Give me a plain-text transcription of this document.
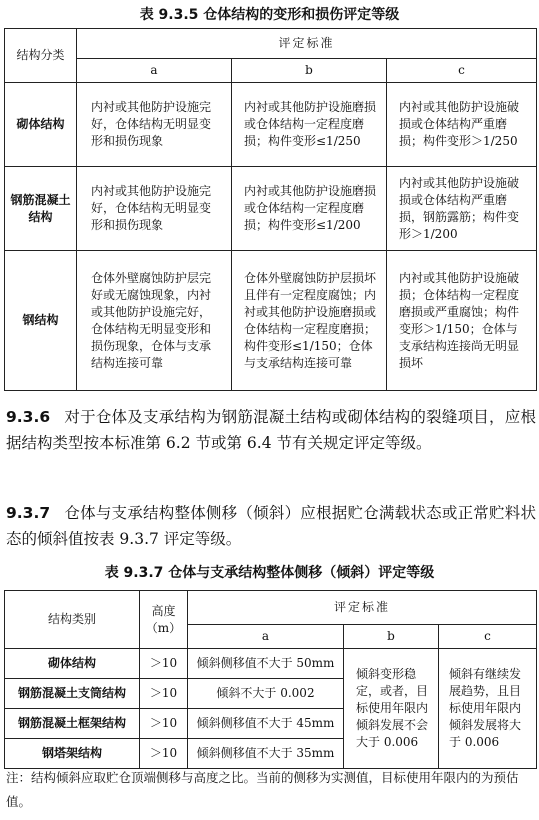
表 9.3.5 仓体结构的变形和损伤评定等级
结构分类	评定标准		
	a	b	c
砌体结构	内衬或其他防护设施完好，仓体结构无明显变形和损伤现象	内衬或其他防护设施磨损或仓体结构一定程度磨损；构件变形≤1/250	内衬或其他防护设施破损或仓体结构严重磨损；构件变形＞1/250
钢筋混凝土结构	内衬或其他防护设施完好，仓体结构无明显变形和损伤现象	内衬或其他防护设施磨损或仓体结构一定程度磨损；构件变形≤1/200	内衬或其他防护设施破损或仓体结构严重磨损，钢筋露筋；构件变形＞1/200
钢结构	仓体外壁腐蚀防护层完好或无腐蚀现象，内衬或其他防护设施完好，仓体结构无明显变形和损伤现象，仓体与支承结构连接可靠	仓体外壁腐蚀防护层损坏且伴有一定程度腐蚀；内衬或其他防护设施磨损或仓体结构一定程度磨损；构件变形≤1/150；仓体与支承结构连接可靠	内衬或其他防护设施破损；仓体结构一定程度磨损或严重腐蚀；构件变形＞1/150；仓体与支承结构连接尚无明显损坏
9.3.6 对于仓体及支承结构为钢筋混凝土结构或砌体结构的裂缝项目，应根据结构类型按本标准第 6.2 节或第 6.4 节有关规定评定等级。
9.3.7 仓体与支承结构整体侧移（倾斜）应根据贮仓满载状态或正常贮料状态的倾斜值按表 9.3.7 评定等级。
表 9.3.7 仓体与支承结构整体侧移（倾斜）评定等级
结构类别	高度（m）	评定标准		
		a	b	c
砌体结构	＞10	倾斜侧移值不大于 50mm	倾斜变形稳定，或者，目标使用年限内倾斜发展不会大于 0.006	倾斜有继续发展趋势，且目标使用年限内倾斜发展将大于 0.006
钢筋混凝土支筒结构	＞10	倾斜不大于 0.002		
钢筋混凝土框架结构	＞10	倾斜侧移值不大于 45mm		
钢塔架结构	＞10	倾斜侧移值不大于 35mm		
注：结构倾斜应取贮仓顶端侧移与高度之比。当前的侧移为实测值，目标使用年限内的为预估值。
